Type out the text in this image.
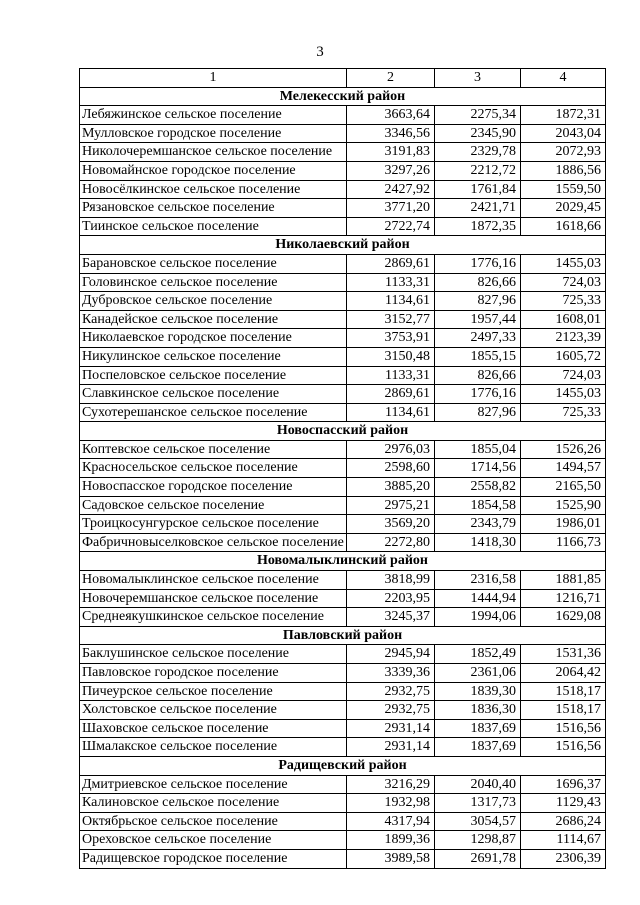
3
1	2	3	4
Мелекесский район			
Лебяжинское сельское поселение	3663,64	2275,34	1872,31
Мулловское городское поселение	3346,56	2345,90	2043,04
Николочеремшанское сельское поселение	3191,83	2329,78	2072,93
Новомайнское городское поселение	3297,26	2212,72	1886,56
Новосёлкинское сельское поселение	2427,92	1761,84	1559,50
Рязановское сельское поселение	3771,20	2421,71	2029,45
Тиинское сельское поселение	2722,74	1872,35	1618,66
Николаевский район			
Барановское сельское поселение	2869,61	1776,16	1455,03
Головинское сельское поселение	1133,31	826,66	724,03
Дубровское сельское поселение	1134,61	827,96	725,33
Канадейское сельское поселение	3152,77	1957,44	1608,01
Николаевское городское поселение	3753,91	2497,33	2123,39
Никулинское сельское поселение	3150,48	1855,15	1605,72
Поспеловское сельское поселение	1133,31	826,66	724,03
Славкинское сельское поселение	2869,61	1776,16	1455,03
Сухотерешанское сельское поселение	1134,61	827,96	725,33
Новоспасский район			
Коптевское сельское поселение	2976,03	1855,04	1526,26
Красносельское сельское поселение	2598,60	1714,56	1494,57
Новоспасское городское поселение	3885,20	2558,82	2165,50
Садовское сельское поселение	2975,21	1854,58	1525,90
Троицкосунгурское сельское поселение	3569,20	2343,79	1986,01
Фабричновыселковское сельское поселение	2272,80	1418,30	1166,73
Новомалыклинский район			
Новомалыклинское сельское поселение	3818,99	2316,58	1881,85
Новочеремшанское сельское поселение	2203,95	1444,94	1216,71
Среднеякушкинское сельское поселение	3245,37	1994,06	1629,08
Павловский район			
Баклушинское сельское поселение	2945,94	1852,49	1531,36
Павловское городское поселение	3339,36	2361,06	2064,42
Пичеурское сельское поселение	2932,75	1839,30	1518,17
Холстовское сельское поселение	2932,75	1836,30	1518,17
Шаховское сельское поселение	2931,14	1837,69	1516,56
Шмалакское сельское поселение	2931,14	1837,69	1516,56
Радищевский район			
Дмитриевское сельское поселение	3216,29	2040,40	1696,37
Калиновское сельское поселение	1932,98	1317,73	1129,43
Октябрьское сельское поселение	4317,94	3054,57	2686,24
Ореховское сельское поселение	1899,36	1298,87	1114,67
Радищевское городское поселение	3989,58	2691,78	2306,39
